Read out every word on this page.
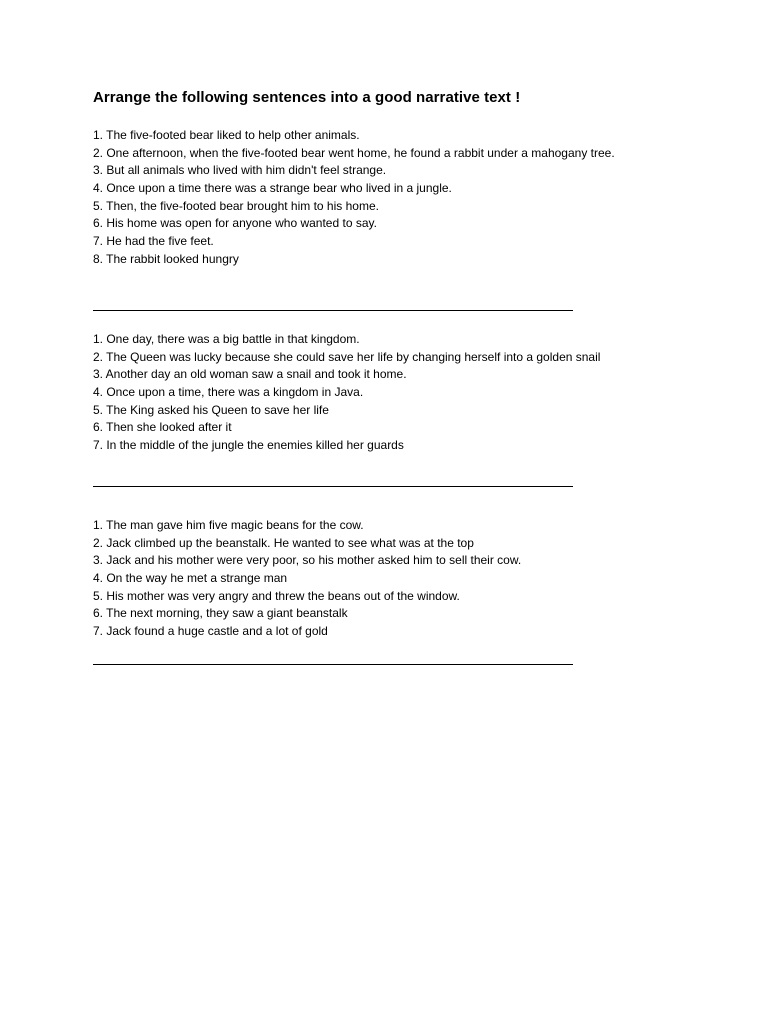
Arrange the following sentences into a good narrative text !
1. The five-footed bear liked to help other animals.
2. One afternoon, when the five-footed bear went home, he found a rabbit under a mahogany tree.
3. But all animals who lived with him didn't feel strange.
4. Once upon a time there was a strange bear who lived in a jungle.
5. Then, the five-footed bear brought him to his home.
6. His home was open for anyone who wanted to say.
7. He had the five feet.
8. The rabbit looked hungry
1. One day, there was a big battle in that kingdom.
2. The Queen was lucky because she could save her life by changing herself into a golden snail
3. Another day an old woman saw a snail and took it home.
4. Once upon a time, there was a kingdom in Java.
5. The King asked his Queen to save her life
6. Then she looked after it
7. In the middle of the jungle the enemies killed her guards
1. The man gave him five magic beans for the cow.
2. Jack climbed up the beanstalk. He wanted to see what was at the top
3. Jack and his mother were very poor, so his mother asked him to sell their cow.
4. On the way he met a strange man
5. His mother was very angry and threw the beans out of the window.
6. The next morning, they saw a giant beanstalk
7. Jack found a huge castle and a lot of gold
